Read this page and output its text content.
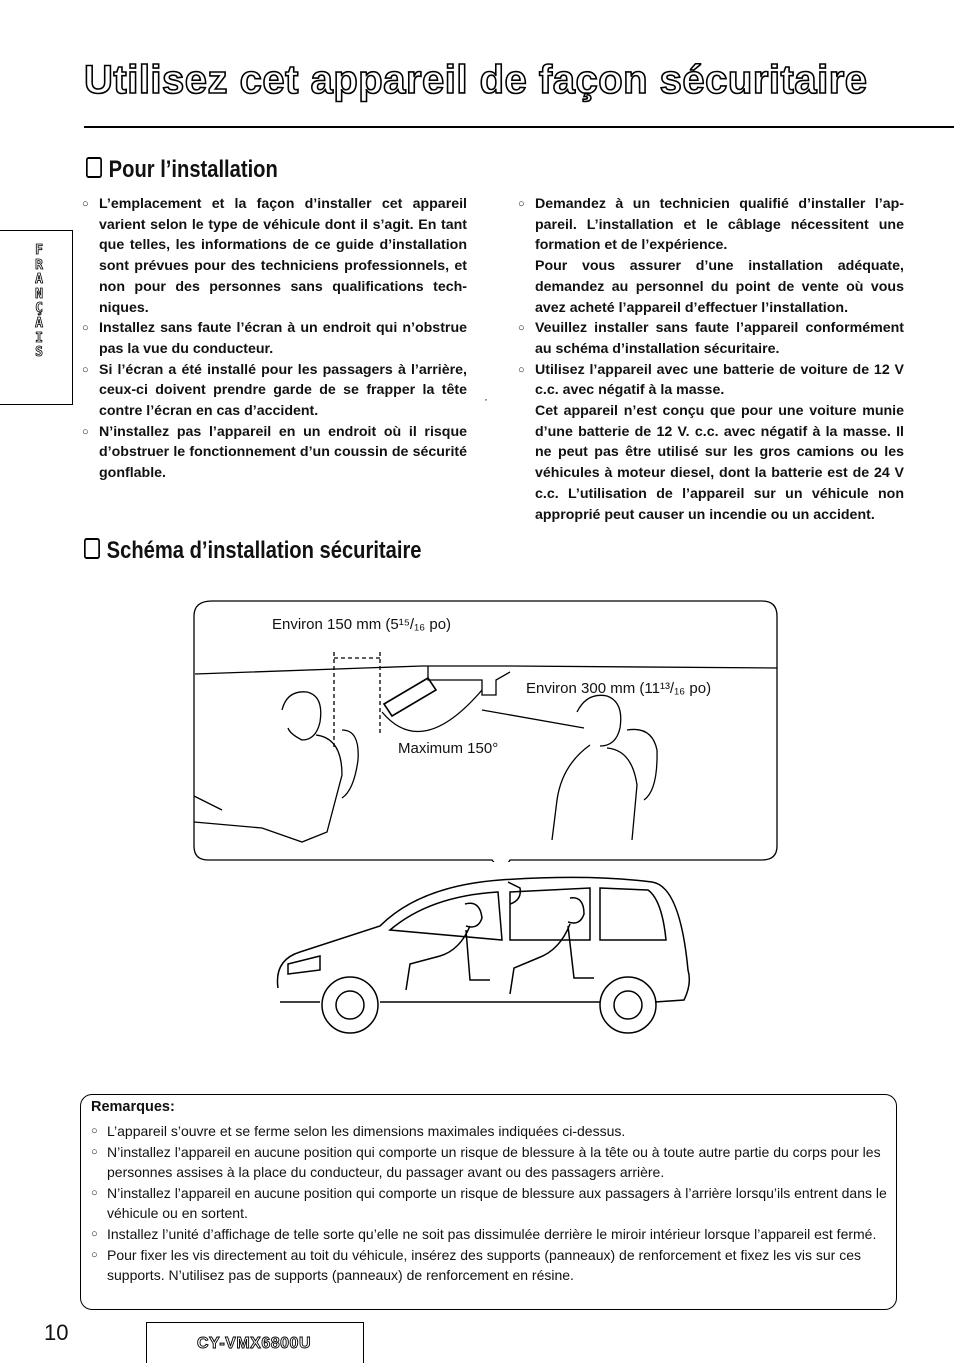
Utilisez cet appareil de façon sécuritaire
F
R
A
N
Ç
A
I
S
Pour l’installation

○ L’emplacement et la façon d’installer cet appareil varient selon le type de véhicule dont il s’agit. En tant que telles, les informations de ce guide d’installation sont prévues pour des techniciens professionnels, et non pour des personnes sans qualifications tech-niques.

○ Installez sans faute l’écran à un endroit qui n’obstrue pas la vue du conducteur.

○ Si l’écran a été installé pour les passagers à l’arrière, ceux-ci doivent prendre garde de se frapper la tête contre l’écran en cas d’accident.

○ N’installez pas l’appareil en un endroit où il risque d’obstruer le fonctionnement d’un coussin de sécurité gonflable.

·

○ Demandez à un technicien qualifié d’installer l’ap-pareil. L’installation et le câblage nécessitent une formation et de l’expérience.

Pour vous assurer d’une installation adéquate, demandez au personnel du point de vente où vous avez acheté l’appareil d’effectuer l’installation.

○ Veuillez installer sans faute l’appareil conformément au schéma d’installation sécuritaire.

○ Utilisez l’appareil avec une batterie de voiture de 12 V c.c. avec négatif à la masse.

Cet appareil n’est conçu que pour une voiture munie d’une batterie de 12 V. c.c. avec négatif à la masse. Il ne peut pas être utilisé sur les gros camions ou les véhicules à moteur diesel, dont la batterie est de 24 V c.c. L’utilisation de l’appareil sur un véhicule non approprié peut causer un incendie ou un accident.

Schéma d’installation sécuritaire
Environ 150 mm (5¹⁵/₁₆ po)
Environ 300 mm (11¹³/₁₆ po)
Maximum 150°
Remarques:

○ L’appareil s’ouvre et se ferme selon les dimensions maximales indiquées ci-dessus.

○ N’installez l’appareil en aucune position qui comporte un risque de blessure à la tête ou à toute autre partie du corps pour les personnes assises à la place du conducteur, du passager avant ou des passagers arrière.

○ N’installez l’appareil en aucune position qui comporte un risque de blessure aux passagers à l’arrière lorsqu’ils entrent dans le véhicule ou en sortent.

○ Installez l’unité d’affichage de telle sorte qu’elle ne soit pas dissimulée derrière le miroir intérieur lorsque l’appareil est fermé.

○ Pour fixer les vis directement au toit du véhicule, insérez des supports (panneaux) de renforcement et fixez les vis sur ces supports. N’utilisez pas de supports (panneaux) de renforcement en résine.

10	CY-VMX6800U
